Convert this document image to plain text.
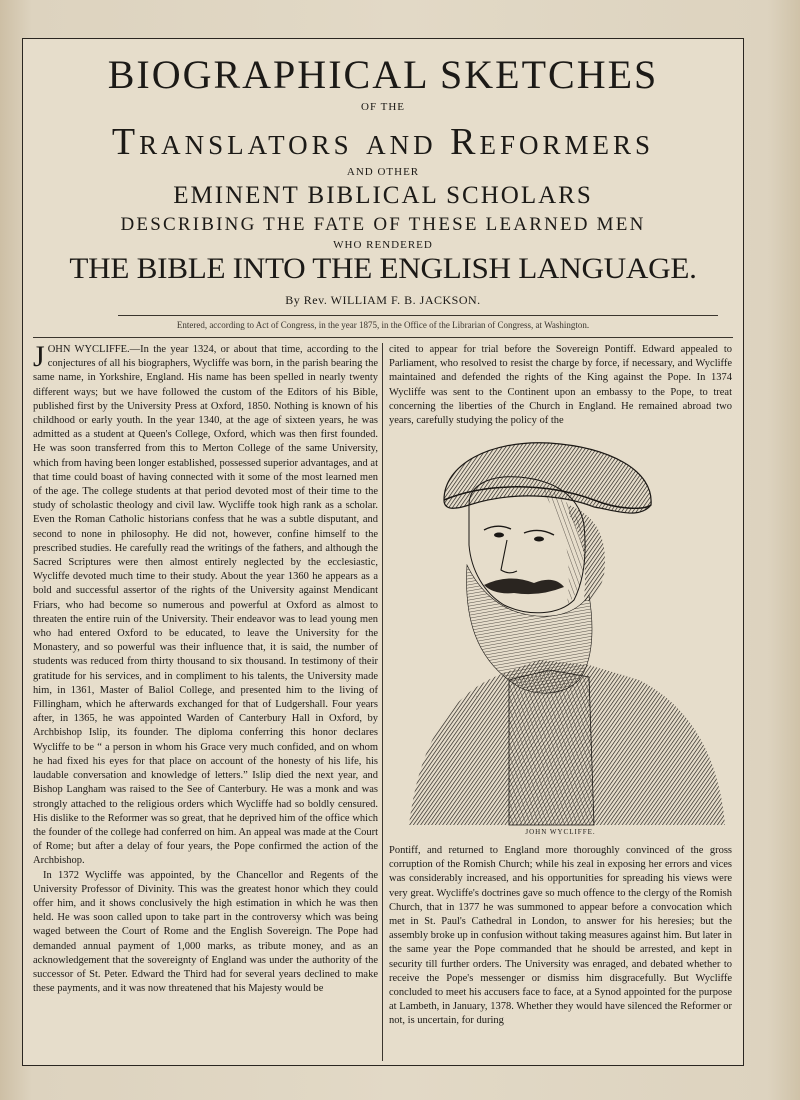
BIOGRAPHICAL SKETCHES
OF THE
Translators and Reformers
AND OTHER
EMINENT BIBLICAL SCHOLARS
DESCRIBING THE FATE OF THESE LEARNED MEN
WHO RENDERED
THE BIBLE INTO THE ENGLISH LANGUAGE.
By Rev. WILLIAM F. B. JACKSON.
Entered, according to Act of Congress, in the year 1875, in the Office of the Librarian of Congress, at Washington.

JOHN WYCLIFFE.—In the year 1324, or about that time, according to the conjectures of all his biographers, Wycliffe was born, in the parish bearing the same name, in Yorkshire, England. His name has been spelled in nearly twenty different ways; but we have followed the custom of the Editors of his Bible, published first by the University Press at Oxford, 1850. Nothing is known of his childhood or early youth. In the year 1340, at the age of sixteen years, he was admitted as a student at Queen's College, Oxford, which was then first founded. He was soon transferred from this to Merton College of the same University, which from having been longer established, possessed superior advantages, and at that time could boast of having connected with it some of the most learned men of the age. The college students at that period devoted most of their time to the study of scholastic theology and civil law. Wycliffe took high rank as a scholar. Even the Roman Catholic historians confess that he was a subtle disputant, and second to none in philosophy. He did not, however, confine himself to the prescribed studies. He carefully read the writings of the fathers, and although the Sacred Scriptures were then almost entirely neglected by the ecclesiastic, Wycliffe devoted much time to their study. About the year 1360 he appears as a bold and successful assertor of the rights of the University against Mendicant Friars, who had become so numerous and powerful at Oxford as almost to threaten the entire ruin of the University. Their endeavor was to lead young men who had entered Oxford to be educated, to leave the University for the Monastery, and so powerful was their influence that, it is said, the number of students was reduced from thirty thousand to six thousand. In testimony of their gratitude for his services, and in compliment to his talents, the University made him, in 1361, Master of Baliol College, and presented him to the living of Fillingham, which he afterwards exchanged for that of Ludgershall. Four years after, in 1365, he was appointed Warden of Canterbury Hall in Oxford, by Archbishop Islip, its founder. The diploma conferring this honor declares Wycliffe to be “ a person in whom his Grace very much confided, and on whom he had fixed his eyes for that place on account of the honesty of his life, his laudable conversation and knowledge of letters.” Islip died the next year, and Bishop Langham was raised to the See of Canterbury. He was a monk and was strongly attached to the religious orders which Wycliffe had so boldly censured. His dislike to the Reformer was so great, that he deprived him of the office which the founder of the college had conferred on him. An appeal was made at the Court of Rome; but after a delay of four years, the Pope confirmed the action of the Archbishop.

In 1372 Wycliffe was appointed, by the Chancellor and Regents of the University Professor of Divinity. This was the greatest honor which they could offer him, and it shows conclusively the high estimation in which he was then held. He was soon called upon to take part in the controversy which was being waged between the Court of Rome and the English Sovereign. The Pope had demanded annual payment of 1,000 marks, as tribute money, and as an acknowledgement that the sovereignty of England was under the authority of the successor of St. Peter. Edward the Third had for several years declined to make these payments, and it was now threatened that his Majesty would be

cited to appear for trial before the Sovereign Pontiff. Edward appealed to Parliament, who resolved to resist the charge by force, if necessary, and Wycliffe maintained and defended the rights of the King against the Pope. In 1374 Wycliffe was sent to the Continent upon an embassy to the Pope, to treat concerning the liberties of the Church in England. He remained abroad two years, carefully studying the policy of the

JOHN WYCLIFFE.

Pontiff, and returned to England more thoroughly convinced of the gross corruption of the Romish Church; while his zeal in exposing her errors and vices was considerably increased, and his opportunities for spreading his views were very great. Wycliffe's doctrines gave so much offence to the clergy of the Romish Church, that in 1377 he was summoned to appear before a convocation which met in St. Paul's Cathedral in London, to answer for his heresies; but the assembly broke up in confusion without taking measures against him. But later in the same year the Pope commanded that he should be arrested, and kept in security till further orders. The University was enraged, and debated whether to receive the Pope's messenger or dismiss him disgracefully. But Wycliffe concluded to meet his accusers face to face, at a Synod appointed for the purpose at Lambeth, in January, 1378. Whether they would have silenced the Reformer or not, is uncertain, for during
